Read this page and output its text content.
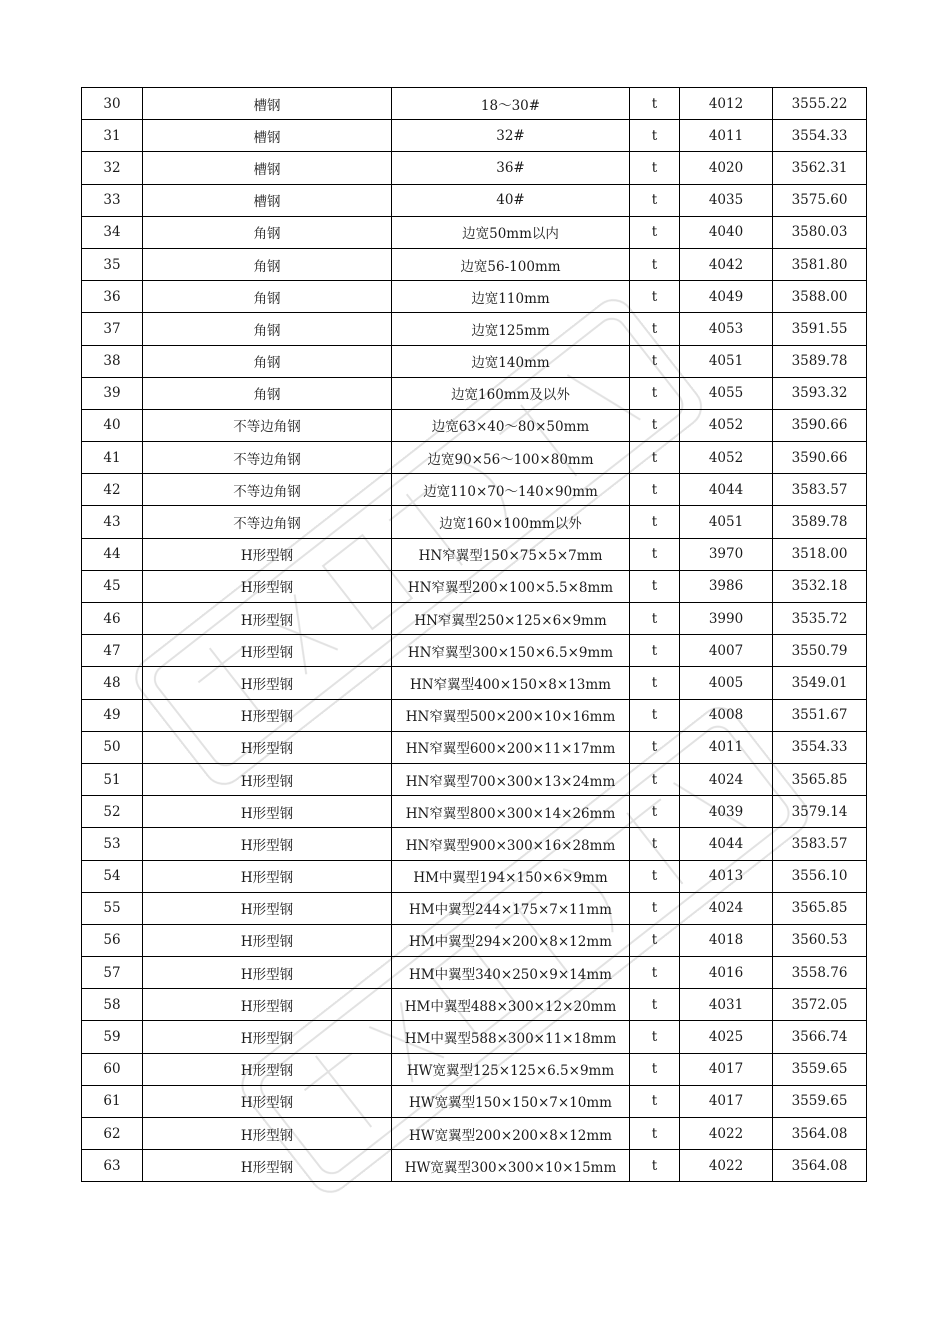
30	槽钢	18～30#	t	4012	3555.22
31	槽钢	32#	t	4011	3554.33
32	槽钢	36#	t	4020	3562.31
33	槽钢	40#	t	4035	3575.60
34	角钢	边宽50mm以内	t	4040	3580.03
35	角钢	边宽56-100mm	t	4042	3581.80
36	角钢	边宽110mm	t	4049	3588.00
37	角钢	边宽125mm	t	4053	3591.55
38	角钢	边宽140mm	t	4051	3589.78
39	角钢	边宽160mm及以外	t	4055	3593.32
40	不等边角钢	边宽63×40～80×50mm	t	4052	3590.66
41	不等边角钢	边宽90×56～100×80mm	t	4052	3590.66
42	不等边角钢	边宽110×70～140×90mm	t	4044	3583.57
43	不等边角钢	边宽160×100mm以外	t	4051	3589.78
44	H形型钢	HN窄翼型150×75×5×7mm	t	3970	3518.00
45	H形型钢	HN窄翼型200×100×5.5×8mm	t	3986	3532.18
46	H形型钢	HN窄翼型250×125×6×9mm	t	3990	3535.72
47	H形型钢	HN窄翼型300×150×6.5×9mm	t	4007	3550.79
48	H形型钢	HN窄翼型400×150×8×13mm	t	4005	3549.01
49	H形型钢	HN窄翼型500×200×10×16mm	t	4008	3551.67
50	H形型钢	HN窄翼型600×200×11×17mm	t	4011	3554.33
51	H形型钢	HN窄翼型700×300×13×24mm	t	4024	3565.85
52	H形型钢	HN窄翼型800×300×14×26mm	t	4039	3579.14
53	H形型钢	HN窄翼型900×300×16×28mm	t	4044	3583.57
54	H形型钢	HM中翼型194×150×6×9mm	t	4013	3556.10
55	H形型钢	HM中翼型244×175×7×11mm	t	4024	3565.85
56	H形型钢	HM中翼型294×200×8×12mm	t	4018	3560.53
57	H形型钢	HM中翼型340×250×9×14mm	t	4016	3558.76
58	H形型钢	HM中翼型488×300×12×20mm	t	4031	3572.05
59	H形型钢	HM中翼型588×300×11×18mm	t	4025	3566.74
60	H形型钢	HW宽翼型125×125×6.5×9mm	t	4017	3559.65
61	H形型钢	HW宽翼型150×150×7×10mm	t	4017	3559.65
62	H形型钢	HW宽翼型200×200×8×12mm	t	4022	3564.08
63	H形型钢	HW宽翼型300×300×10×15mm	t	4022	3564.08
